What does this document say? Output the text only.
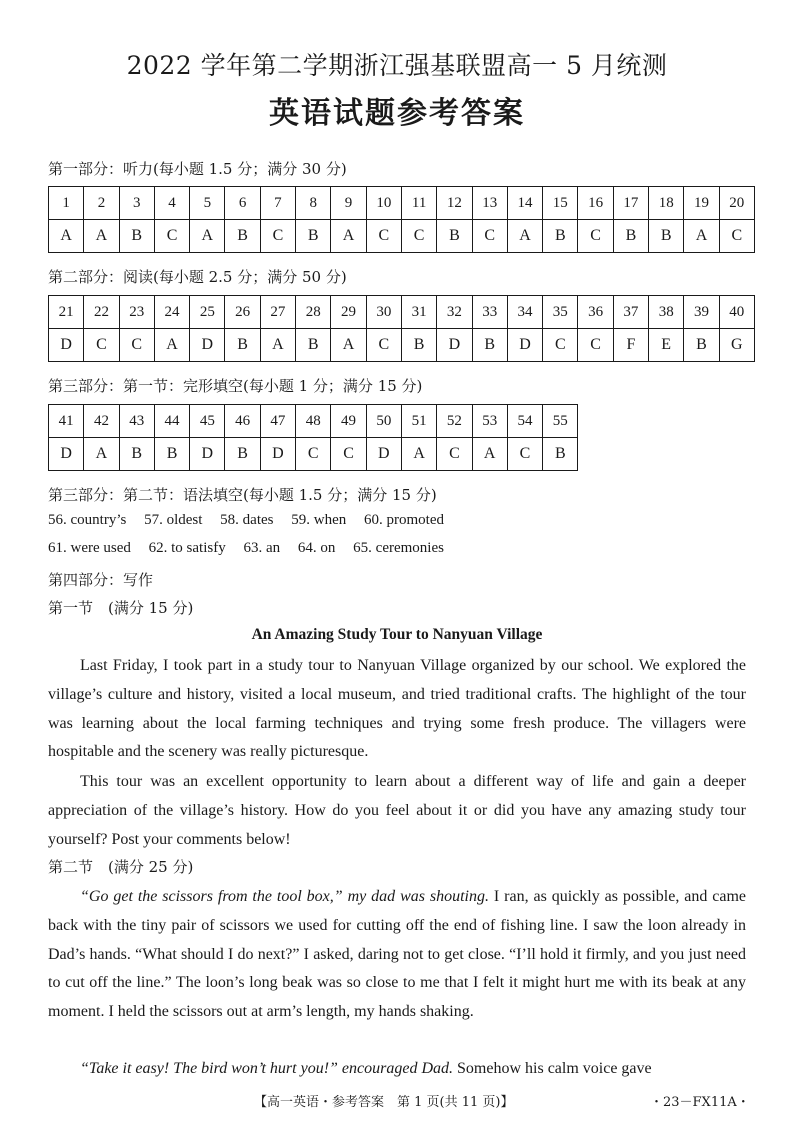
2022 学年第二学期浙江强基联盟高一 5 月统测
英语试题参考答案
第一部分：听力(每小题 1.5 分；满分 30 分)
1	2	3	4	5	6	7	8	9	10	11	12	13	14	15	16	17	18	19	20
A	A	B	C	A	B	C	B	A	C	C	B	C	A	B	C	B	B	A	C
第二部分：阅读(每小题 2.5 分；满分 50 分)
21	22	23	24	25	26	27	28	29	30	31	32	33	34	35	36	37	38	39	40
D	C	C	A	D	B	A	B	A	C	B	D	B	D	C	C	F	E	B	G
第三部分：第一节：完形填空(每小题 1 分；满分 15 分)
41	42	43	44	45	46	47	48	49	50	51	52	53	54	55
D	A	B	B	D	B	D	C	C	D	A	C	A	C	B
第三部分：第二节：语法填空(每小题 1.5 分；满分 15 分)
56. country’s 57. oldest 58. dates 59. when 60. promoted
61. were used 62. to satisfy 63. an 64. on 65. ceremonies
第四部分：写作
第一节　(满分 15 分)
An Amazing Study Tour to Nanyuan Village

Last Friday, I took part in a study tour to Nanyuan Village organized by our school. We explored the village’s culture and history, visited a local museum, and tried traditional crafts. The highlight of the tour was learning about the local farming techniques and trying some fresh produce. The villagers were hospitable and the scenery was really picturesque.

This tour was an excellent opportunity to learn about a different way of life and gain a deeper appreciation of the village’s history. How do you feel about it or did you have any amazing study tour yourself? Post your comments below!

第二节　(满分 25 分)

“Go get the scissors from the tool box,” my dad was shouting. I ran, as quickly as possible, and came back with the tiny pair of scissors we used for cutting off the end of fishing line. I saw the loon already in Dad’s hands. “What should I do next?” I asked, daring not to get close. “I’ll hold it firmly, and you just need to cut off the line.” The loon’s long beak was so close to me that I felt it might hurt me with its beak at any moment. I held the scissors out at arm’s length, my hands shaking.

“Take it easy! The bird won’t hurt you!” encouraged Dad. Somehow his calm voice gave

【高一英语・参考答案　第 1 页(共 11 页)】	・23－FX11A・
